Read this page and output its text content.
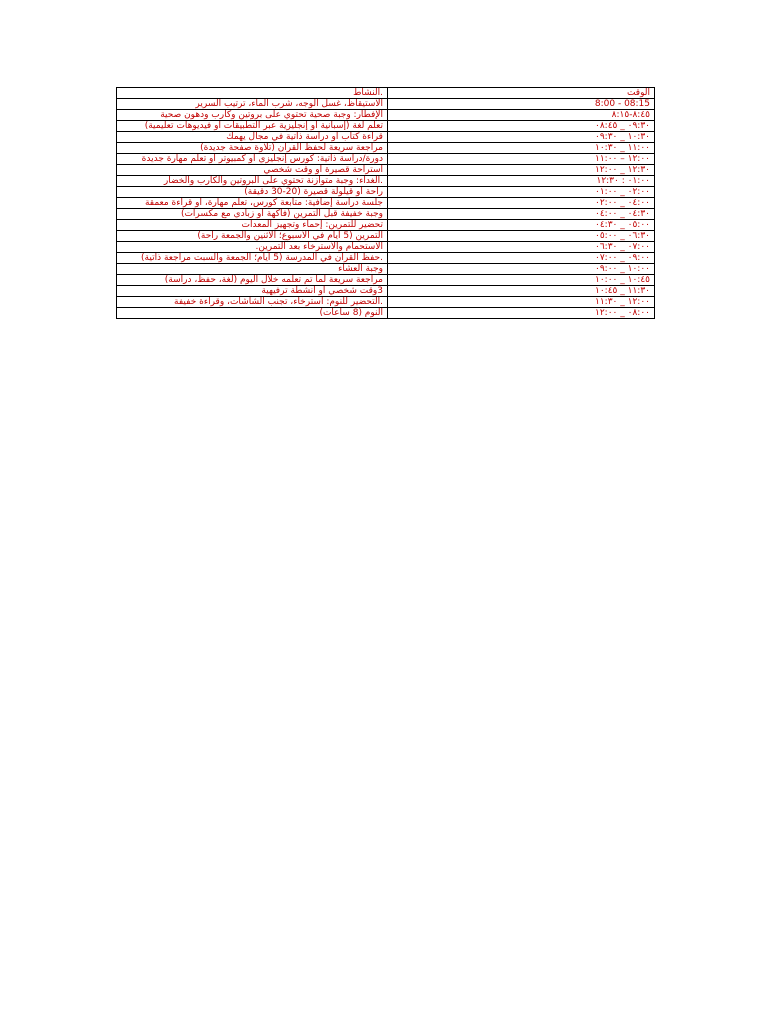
الوقت	.النشاط
08:15 - 8:00	الاستيقاظ، غسل الوجه، شرب الماء، ترتيب السرير
٨:٤٥-٨:١٥	الإفطار: وجبة صحية تحتوي على بروتين وكارب ودهون صحية
٠٩:٣٠ _ ٠٨:٤٥	تعلم لغة (إسبانية أو إنجليزية عبر التطبيقات أو فيديوهات تعليمية)
١٠:٣٠ _ ٠٩:٣٠	قراءة كتاب أو دراسة ذاتية في مجال يهمك
١١:٠٠ _ ١٠:٣٠	مراجعة سريعة لحفظ القرآن (تلاوة صفحة جديدة)
١٢:٠٠ – ١١:٠٠	دورة/دراسة ذاتية: كورس إنجليزي أو كمبيوتر أو تعلم مهارة جديدة
١٢:٣٠ _ ١٢:٠٠	استراحة قصيرة أو وقت شخصي
٠١:٠٠ : ١٢:٣٠	.الغداء: وجبة متوازنة تحتوي على البروتين والكارب والخضار
٠٢:٠٠ _ ٠١:٠٠	راحة أو قيلولة قصيرة (20-30 دقيقة)
٠٤:٠٠ _ ٠٢:٠٠	جلسة دراسة إضافية: متابعة كورس، تعلم مهارة، أو قراءة معمقة
٠٤:٣٠ _ ٠٤:٠٠	وجبة خفيفة قبل التمرين (فاكهة أو زبادي مع مكسرات)
٠٥:٠٠ _ ٠٤:٣٠	تحضير للتمرين: إحماء وتجهيز المعدات
٠٦:٣٠ _ ٠٥:٠٠	التمرين (5 أيام في الأسبوع؛ الاثنين والجمعة راحة)
٠٧:٠٠ _ ٠٦:٣٠	الاستحمام والاسترخاء بعد التمرين.
٠٩:٠٠ _ ٠٧:٠٠	.حفظ القرآن في المدرسة (5 أيام؛ الجمعة والسبت مراجعة ذاتية)
١٠:٠٠ _ ٠٩:٠٠	وجبة العشاء
١٠:٤٥ _ ١٠:٠٠	مراجعة سريعة لما تم تعلمه خلال اليوم (لغة، حفظ، دراسة)
١١:٣٠ _ ١٠:٤٥	3وقت شخصي أو أنشطة ترفيهية
١٢:٠٠ _ ١١:٣٠	.التحضير للنوم: استرخاء، تجنب الشاشات، وقراءة خفيفة
٠٨:٠٠ _ ١٢:٠٠	النوم (8 ساعات)
